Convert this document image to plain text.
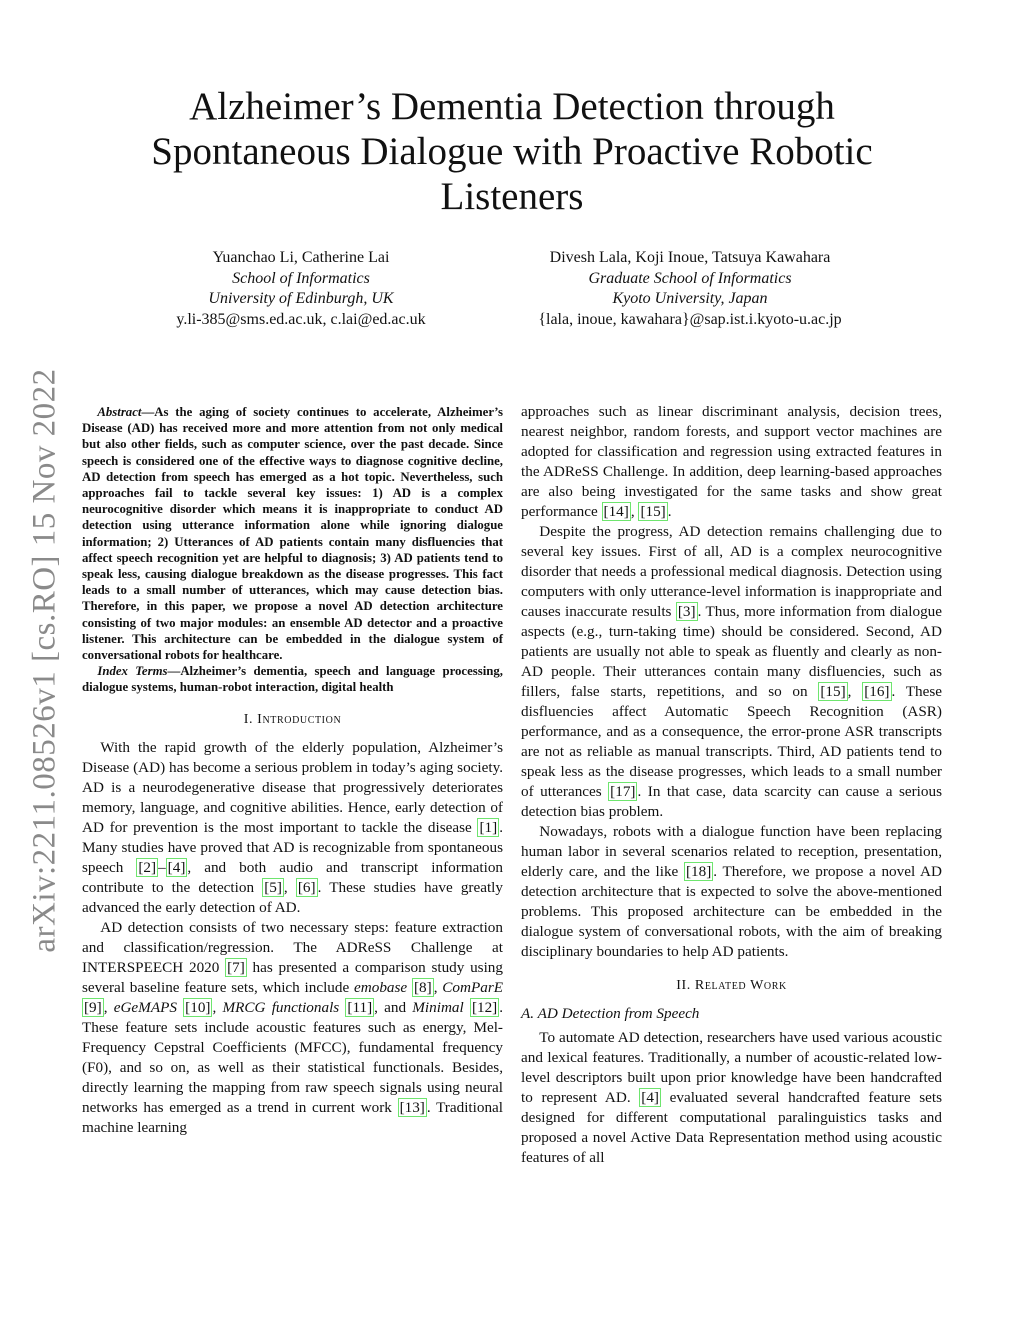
arXiv:2211.08526v1 [cs.RO] 15 Nov 2022
Alzheimer’s Dementia Detection through Spontaneous Dialogue with Proactive Robotic Listeners
Yuanchao Li, Catherine Lai
School of Informatics
University of Edinburgh, UK
y.li-385@sms.ed.ac.uk, c.lai@ed.ac.uk
Divesh Lala, Koji Inoue, Tatsuya Kawahara
Graduate School of Informatics
Kyoto University, Japan
{lala, inoue, kawahara}@sap.ist.i.kyoto-u.ac.jp

Abstract—As the aging of society continues to accelerate, Alzheimer’s Disease (AD) has received more and more attention from not only medical but also other fields, such as computer science, over the past decade. Since speech is considered one of the effective ways to diagnose cognitive decline, AD detection from speech has emerged as a hot topic. Nevertheless, such approaches fail to tackle several key issues: 1) AD is a complex neurocognitive disorder which means it is inappropriate to conduct AD detection using utterance information alone while ignoring dialogue information; 2) Utterances of AD patients contain many disfluencies that affect speech recognition yet are helpful to diagnosis; 3) AD patients tend to speak less, causing dialogue breakdown as the disease progresses. This fact leads to a small number of utterances, which may cause detection bias. Therefore, in this paper, we propose a novel AD detection architecture consisting of two major modules: an ensemble AD detector and a proactive listener. This architecture can be embedded in the dialogue system of conversational robots for healthcare.

Index Terms—Alzheimer’s dementia, speech and language processing, dialogue systems, human-robot interaction, digital health

I. Introduction

With the rapid growth of the elderly population, Alzheimer’s Disease (AD) has become a serious problem in today’s aging society. AD is a neurodegenerative disease that progressively deteriorates memory, language, and cognitive abilities. Hence, early detection of AD for prevention is the most important to tackle the disease [1] . Many studies have proved that AD is recognizable from spontaneous speech [2] – [4] , and both audio and transcript information contribute to the detection [5] , [6] . These studies have greatly advanced the early detection of AD.

AD detection consists of two necessary steps: feature extraction and classification/regression. The ADReSS Challenge at INTERSPEECH 2020 [7] has presented a comparison study using several baseline feature sets, which include emobase [8] , ComParE [9] , eGeMAPS [10] , MRCG functionals [11] , and Minimal [12] . These feature sets include acoustic features such as energy, Mel-Frequency Cepstral Coefficients (MFCC), fundamental frequency (F0), and so on, as well as their statistical functionals. Besides, directly learning the mapping from raw speech signals using neural networks has emerged as a trend in current work [13] . Traditional machine learning

approaches such as linear discriminant analysis, decision trees, nearest neighbor, random forests, and support vector machines are adopted for classification and regression using extracted features in the ADReSS Challenge. In addition, deep learning-based approaches are also being investigated for the same tasks and show great performance [14] , [15] .

Despite the progress, AD detection remains challenging due to several key issues. First of all, AD is a complex neurocognitive disorder that needs a professional medical diagnosis. Detection using computers with only utterance-level information is inappropriate and causes inaccurate results [3] . Thus, more information from dialogue aspects (e.g., turn-taking time) should be considered. Second, AD patients are usually not able to speak as fluently and clearly as non-AD people. Their utterances contain many disfluencies, such as fillers, false starts, repetitions, and so on [15] , [16] . These disfluencies affect Automatic Speech Recognition (ASR) performance, and as a consequence, the error-prone ASR transcripts are not as reliable as manual transcripts. Third, AD patients tend to speak less as the disease progresses, which leads to a small number of utterances [17] . In that case, data scarcity can cause a serious detection bias problem.

Nowadays, robots with a dialogue function have been replacing human labor in several scenarios related to reception, presentation, elderly care, and the like [18] . Therefore, we propose a novel AD detection architecture that is expected to solve the above-mentioned problems. This proposed architecture can be embedded in the dialogue system of conversational robots, with the aim of breaking disciplinary boundaries to help AD patients.

II. Related Work
A. AD Detection from Speech

To automate AD detection, researchers have used various acoustic and lexical features. Traditionally, a number of acoustic-related low-level descriptors built upon prior knowledge have been handcrafted to represent AD. [4] evaluated several handcrafted feature sets designed for different computational paralinguistics tasks and proposed a novel Active Data Representation method using acoustic features of all
